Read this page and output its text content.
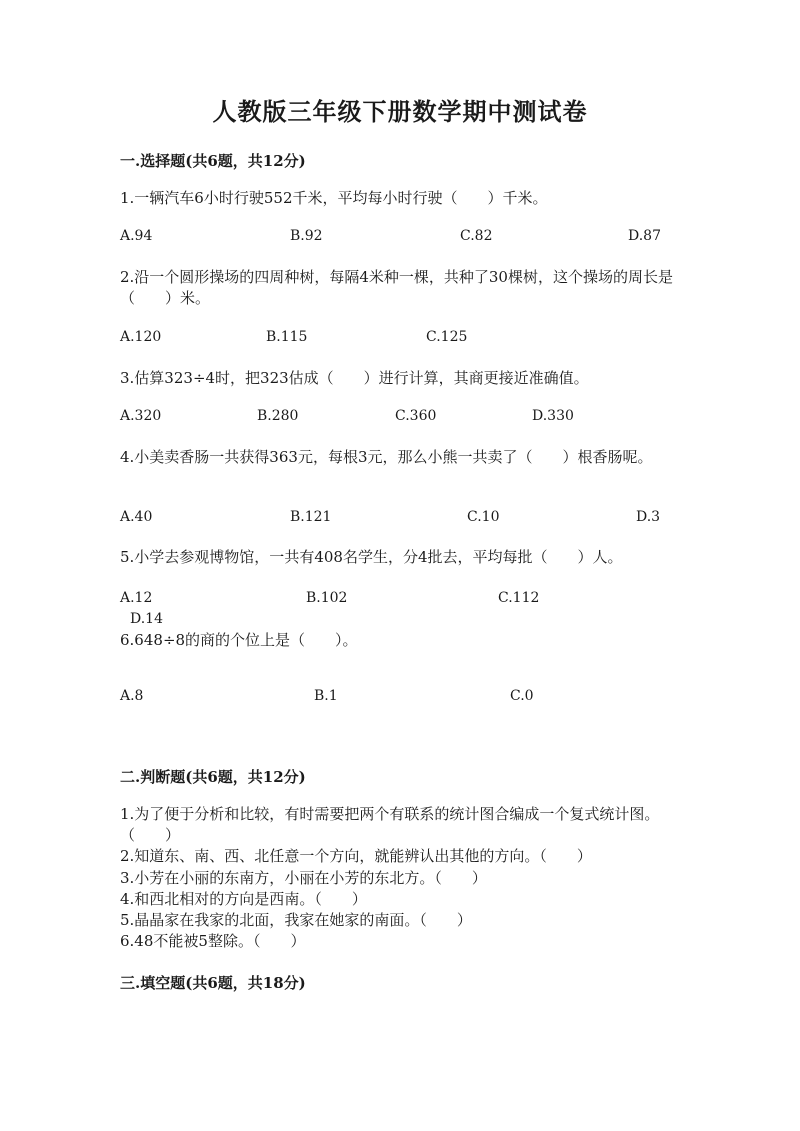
人教版三年级下册数学期中测试卷
一.选择题(共6题，共12分)
1.一辆汽车6小时行驶552千米，平均每小时行驶（　　）千米。
A.94	B.92	C.82	D.87
2.沿一个圆形操场的四周种树，每隔4米种一棵，共种了30棵树，这个操场的周长是（　　）米。
A.120	B.115	C.125
3.估算323÷4时，把323估成（　　）进行计算，其商更接近准确值。
A.320	B.280	C.360	D.330
4.小美卖香肠一共获得363元，每根3元，那么小熊一共卖了（　　）根香肠呢。
A.40	B.121	C.10	D.3
5.小学去参观博物馆，一共有408名学生，分4批去，平均每批（　　）人。
A.12	B.102	C.112
D.14
6.648÷8的商的个位上是（　　）。
A.8	B.1	C.0
二.判断题(共6题，共12分)
1.为了便于分析和比较，有时需要把两个有联系的统计图合编成一个复式统计图。（　　）
2.知道东、南、西、北任意一个方向，就能辨认出其他的方向。（　　）
3.小芳在小丽的东南方，小丽在小芳的东北方。（　　）
4.和西北相对的方向是西南。（　　）
5.晶晶家在我家的北面，我家在她家的南面。（　　）
6.48不能被5整除。（　　）
三.填空题(共6题，共18分)
